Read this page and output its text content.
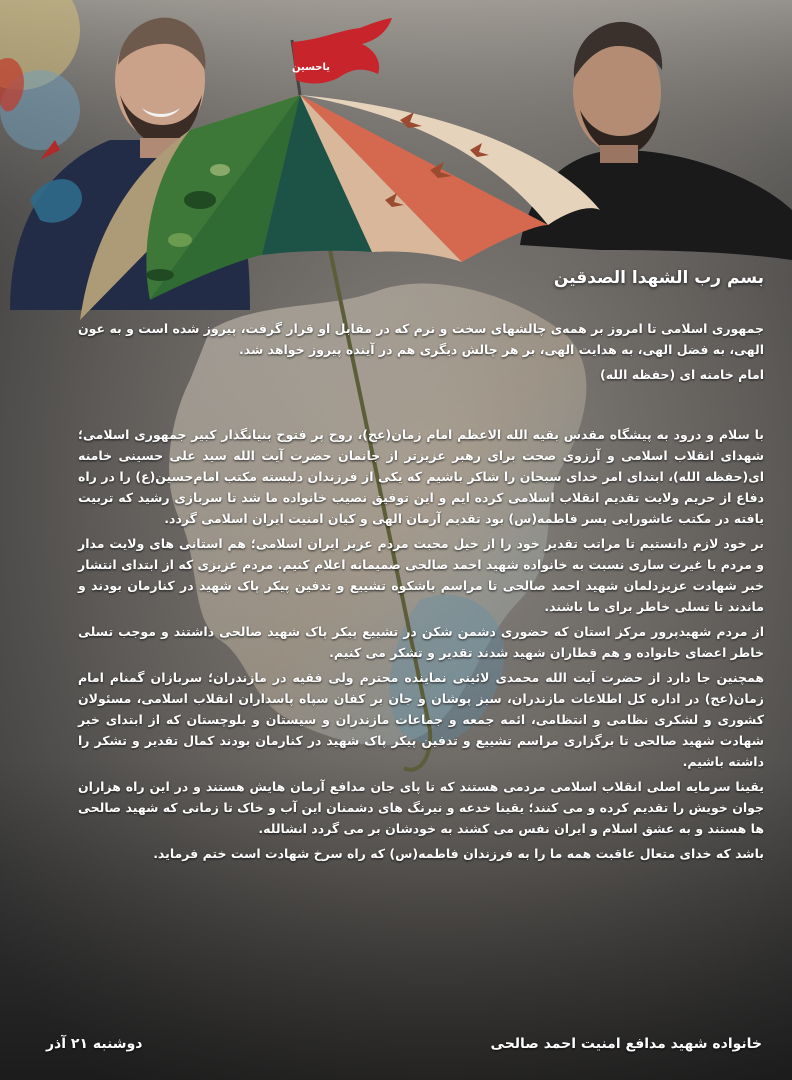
یاحسین
بسم رب الشهدا الصدقین

جمهوری اسلامی تا امروز بر همه‌ی چالشهای سخت و نرم که در مقابل او قرار گرفت، پیروز شده است و به عون الهی، به فضل الهی، به هدایت الهی، بر هر چالش دیگری هم در آینده پیروز خواهد شد.

امام خامنه ای (حفظه الله)

با سلام و درود به پیشگاه مقدس بقیه الله الاعظم امام زمان(عج)، روح پر فتوح بنیانگذار کبیر جمهوری اسلامی؛ شهدای انقلاب اسلامی و آرزوی صحت برای رهبر عزیزتر از جانمان حضرت آیت الله سید علی حسینی خامنه ای(حفظه الله)، ابتدای امر خدای سبحان را شاکر باشیم که یکی از فرزندان دلبسته مکتب امام‌حسین(ع) را در راه دفاع از حریم ولایت تقدیم انقلاب اسلامی کرده ایم و این توفیق نصیب خانواده ما شد تا سربازی رشید که تربیت یافته در مکتب عاشورایی پسر فاطمه(س) بود تقدیم آرمان الهی و کیان امنیت ایران اسلامی گردد.

بر خود لازم دانستیم تا مراتب تقدیر خود را از خیل محبت مردم عزیز ایران اسلامی؛ هم استانی های ولایت مدار و مردم با غیرت ساری نسبت به خانواده شهید احمد صالحی صمیمانه اعلام کنیم. مردم عزیزی که از ابتدای انتشار خبر شهادت عزیزدلمان شهید احمد صالحی تا مراسم باشکوه تشییع و تدفین پیکر پاک شهید در کنارمان بودند و ماندند تا تسلی خاطر برای ما باشند.

از مردم شهیدپرور مرکز استان که حضوری دشمن شکن در تشییع پیکر پاک شهید صالحی داشتند و موجب تسلی خاطر اعضای خانواده و هم قطاران شهید شدند تقدیر و تشکر می کنیم.

همچنین جا دارد از حضرت آیت الله محمدی لائینی نماینده محترم ولی فقیه در مازندران؛ سربازان گمنام امام زمان(عج) در اداره کل اطلاعات مازندران، سبز پوشان و جان بر کفان سپاه پاسداران انقلاب اسلامی، مسئولان کشوری و لشکری نظامی و انتظامی، ائمه جمعه و جماعات مازندران و سیستان و بلوچستان که از ابتدای خبر شهادت شهید صالحی تا برگزاری مراسم تشییع و تدفین پیکر پاک شهید در کنارمان بودند کمال تقدیر و تشکر را داشته باشیم.

یقینا سرمایه اصلی انقلاب اسلامی مردمی هستند که تا پای جان مدافع آرمان هایش هستند و در این راه هزاران جوان خویش را تقدیم کرده و می کنند؛ یقینا خدعه و نیرنگ های دشمنان این آب و خاک تا زمانی که شهید صالحی ها هستند و به عشق اسلام و ایران نفس می کشند به خودشان بر می گردد انشالله.

باشد که خدای متعال عاقبت همه ما را به فرزندان فاطمه(س) که راه سرخ شهادت است ختم فرماید.

خانواده شهید مدافع امنیت احمد صالحی
دوشنبه ۲۱ آذر
